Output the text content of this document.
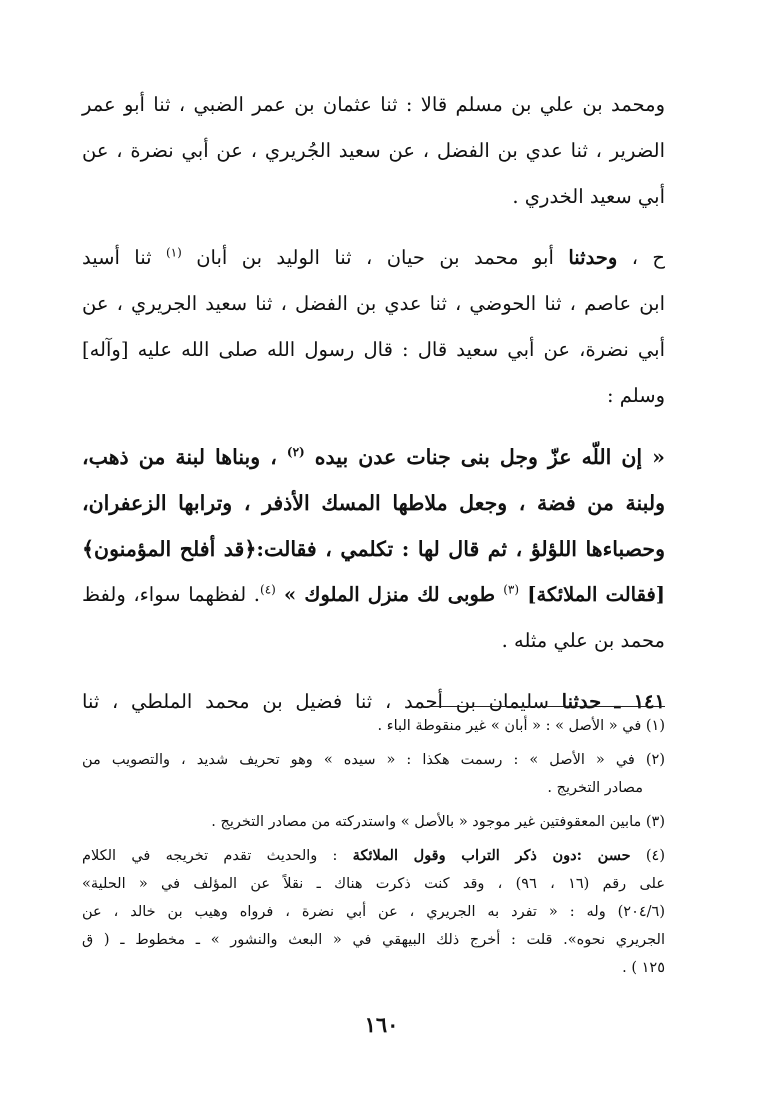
ومحمد بن علي بن مسلم قالا : ثنا عثمان بن عمر الضبي ، ثنا أبو عمر
الضرير ، ثنا عدي بن الفضل ، عن سعيد الجُريري ، عن أبي نضرة ، عن
أبي سعيد الخدري .
ح ، وحدثنا أبو محمد بن حيان ، ثنا الوليد بن أبان $^{(١)}$ ثنا أسيد
ابن عاصم ، ثنا الحوضي ، ثنا عدي بن الفضل ، ثنا سعيد الجريري ، عن
أبي نضرة، عن أبي سعيد قال : قال رسول الله صلى الله عليه [وآله]
وسلم :
« إن اللّه عزّ وجل بنى جنات عدن بيده $^{(٢)}$ ، وبناها لبنة من ذهب،
ولبنة من فضة ، وجعل ملاطها المسك الأذفر ، وترابها الزعفران،
وحصباءها اللؤلؤ ، ثم قال لها : تكلمي ، فقالت:﴿قد أفلح المؤمنون﴾
[فقالت الملائكة] $^{(٣)}$ طوبى لك منزل الملوك » $^{(٤)}$. لفظهما سواء، ولفظ
محمد بن علي مثله .
١٤١ ـ حدثنا سليمان بن أحمد ، ثنا فضيل بن محمد الملطي ، ثنا
(١) في « الأصل » : « أبان » غير منقوطة الباء .
(٢) في « الأصل » : رسمت هكذا : « سيده » وهو تحريف شديد ، والتصويب من
مصادر التخريج .
(٣) مابين المعقوفتين غير موجود « بالأصل » واستدركته من مصادر التخريج .
(٤) حسن :دون ذكر التراب وقول الملائكة : والحديث تقدم تخريجه في الكلام
على رقم (١٦ ، ٩٦) ، وقد كنت ذكرت هناك ـ نقلاً عن المؤلف في « الحلية»
(٢٠٤/٦) وله : « تفرد به الجريري ، عن أبي نضرة ، فرواه وهيب بن خالد ، عن
الجريري نحوه». قلت : أخرج ذلك البيهقي في « البعث والنشور » ـ مخطوط ـ ( ق
١٢٥ ) .
١٦٠
